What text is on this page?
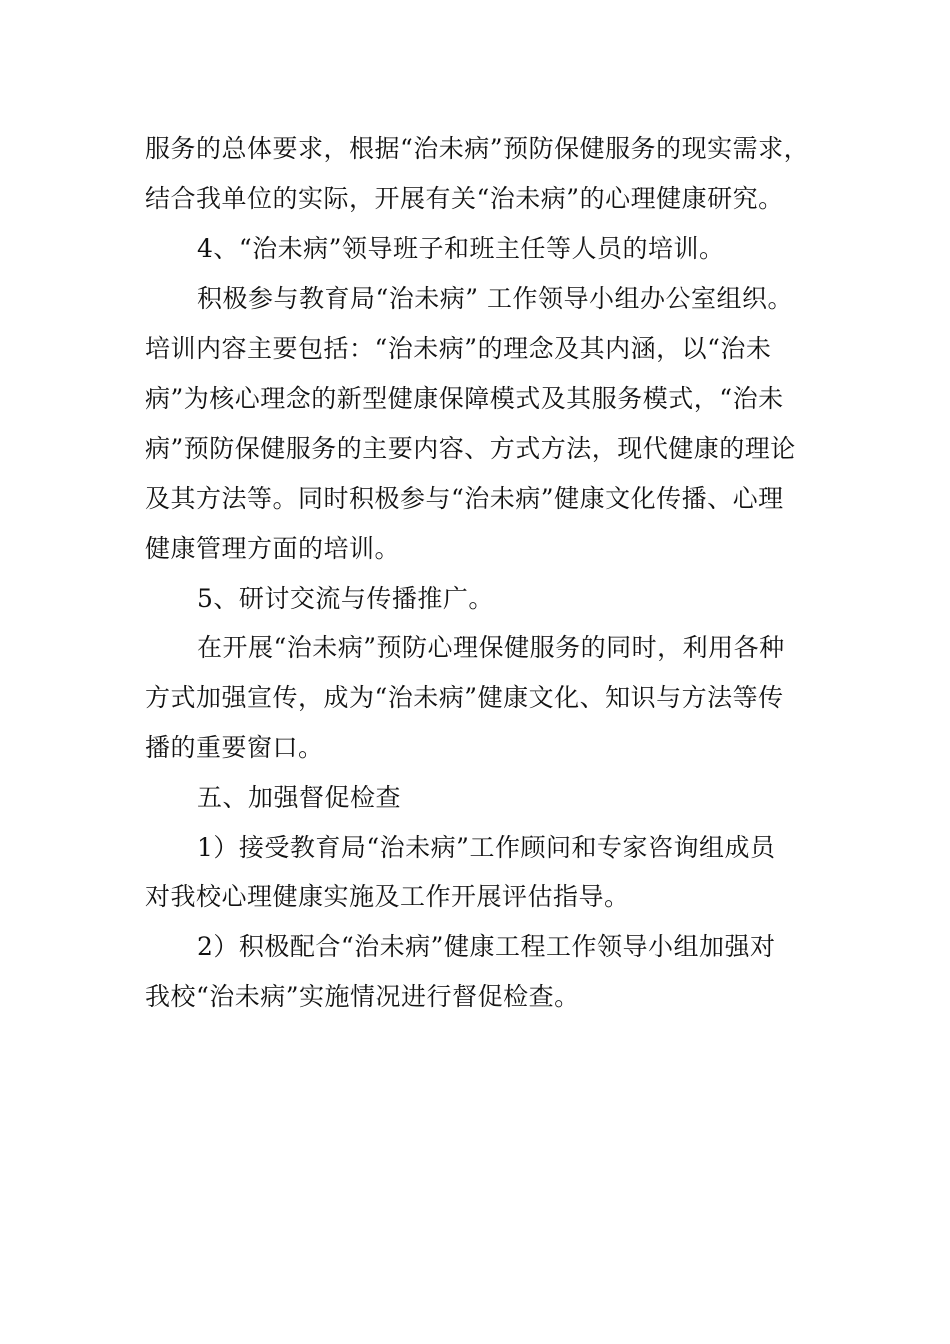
服务的总体要求，根据“治未病”预防保健服务的现实需求，
结合我单位的实际，开展有关“治未病”的心理健康研究。
4、“治未病”领导班子和班主任等人员的培训。
积极参与教育局“治未病” 工作领导小组办公室组织。
培训内容主要包括：“治未病”的理念及其内涵，以“治未
病”为核心理念的新型健康保障模式及其服务模式，“治未
病”预防保健服务的主要内容、方式方法，现代健康的理论
及其方法等。同时积极参与“治未病”健康文化传播、心理
健康管理方面的培训。
5、研讨交流与传播推广。
在开展“治未病”预防心理保健服务的同时，利用各种
方式加强宣传，成为“治未病”健康文化、知识与方法等传
播的重要窗口。
五、加强督促检查
1）接受教育局“治未病”工作顾问和专家咨询组成员
对我校心理健康实施及工作开展评估指导。
2）积极配合“治未病”健康工程工作领导小组加强对
我校“治未病”实施情况进行督促检查。
